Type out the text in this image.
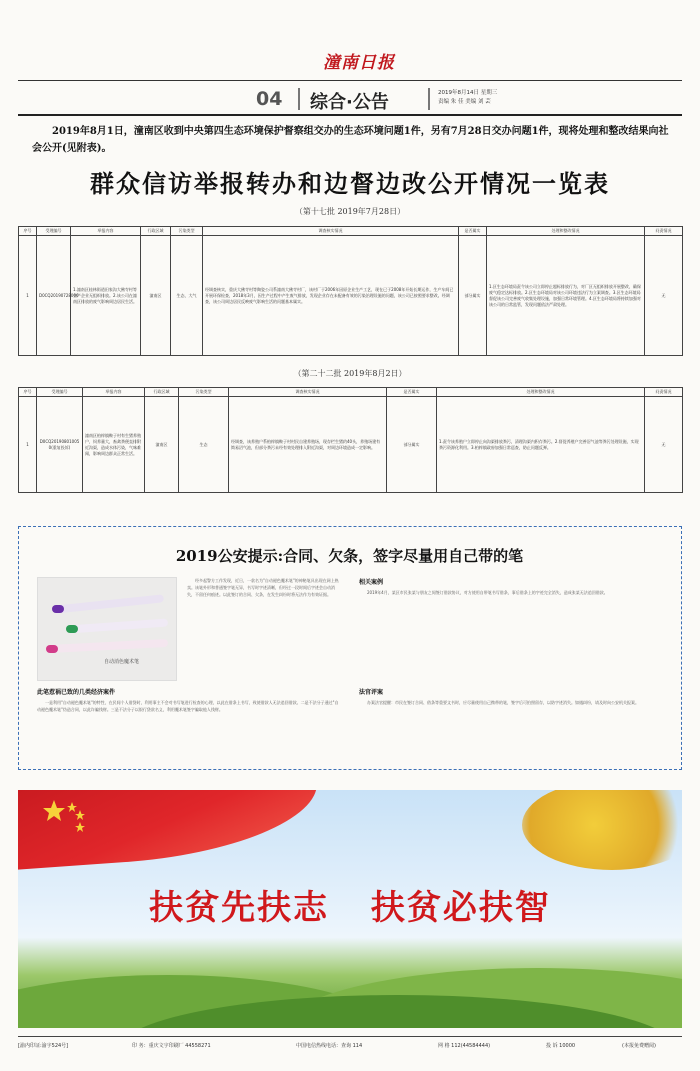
潼南日报
04 综合·公告	2019年8月14日 星期三
责编 朱 佳 美编 刘 芸

2019年8月1日，潼南区收到中央第四生态环境保护督察组交办的生态环境问题1件，另有7月28日交办问题1件，现将处理和整改结果向社会公开(见附表)。

群众信访举报转办和边督边改公开情况一览表
（第十七批 2019年7月28日）
序号	受理编号	举报内容	行政区域	污染类型	调查核实情况	是否属实	处理和整改情况	问责情况
1	D0CQ20190728006	1.潼南区桂林街道田家沟大佛寺村等生产企业无组织排放。2.该公司在潼南区排放的废气影响周边居民生活。	潼南区	生态、大气	经调查核实，重庆大佛寺村等陶瓷公司系潼南大佛寺村厂，该村厂于2006年因原企业生产工艺，现在已于2008年开始长期运作，生产车间已开展环保检查，2018年3月，因生产过程中产生废气排放，发现企业存在未配备有效的污染治理设施的问题，该公司已按照要求整改。经调查，该公司周边居民反映废气影响生活的问题基本属实。	部分属实	1.区生态环境局责令该公司立即停止超标排放行为，对厂区无组织排放开展整改，确保废气稳定达标排放。2.区生态环境局对该公司环境违法行为立案调查。3.区生态环境局督促该公司完善废气收集处理设施，加强日常环境管理。4.区生态环境局将持续加强对该公司的日常监管，发现问题依法严肃处理。	无
（第二十二批 2019年8月2日）
序号	受理编号	举报内容	行政区域	污染类型	调查核实情况	是否属实	处理和整改情况	问责情况
1	D0CQ20190801005 0(重复投诉)	潼南区柏梓镇鞍子村有生猪养殖户，饲养量大，畜禽粪便直排附近沟渠，造成水体污染，气味难闻，影响周边群众正常生活。	潼南区	生态	经调查，该养殖户系柏梓镇鞍子村村民自建养殖场，现存栏生猪约40头，养殖场建有简易沼气池，但部分粪污未经有效处理排入附近沟渠，对周边环境造成一定影响。	部分属实	1.责令该养殖户立即停止向沟渠排放粪污，清理沟渠内积存粪污。2.督促养殖户完善沼气池等粪污处理设施，实现粪污资源化利用。3.柏梓镇政府加强日常巡查，防止问题反弹。	无
2019公安提示:合同、欠条，签字尽量用自己带的笔
自动消色魔术笔

经多起警方工作发现，近日，一款名为"自动褪色魔术笔"的神秘笔具出现在网上热卖。该笔外形和普通签字笔无异，书写时字迹清晰，但经过一段时间后字迹会自动消失，不留任何痕迹。以此签订的合同、欠条，在发生纠纷时将无法作为有效证据。

此笔惹祸已致的几类经济案件

一是利用"自动褪色魔术笔"的特性，在民间个人借贷时，利用事主不会对书写笔进行检查的心理，以此在借条上书写，致使借款人无法追回借款。二是不法分子通过"自动褪色魔术笔"伪造合同，以此诈骗钱财。三是不法分子以银行贷款名义，利用魔术笔签字骗取他人钱财。

相关案例

2019年4月，某区市民张某与朋友之间签订借款协议，对方使用自带笔书写借条，事后借条上的字迹完全消失，造成张某无法追回借款。

法官评案

办案法官提醒：市民在签订合同、借条等重要文书时，应尽量使用自己携带的笔，签字后可拍照留存，以防字迹消失。如遇纠纷，请及时向公安机关报案。

扶贫先扶志 扶贫必扶智
[渝内印证:渝字524号]	印 务：重庆文宇印刷厂 44558271	中国电信热线电话：查询 114	网 格 112(44584444)	投 诉 10000	(本报免费赠阅)
